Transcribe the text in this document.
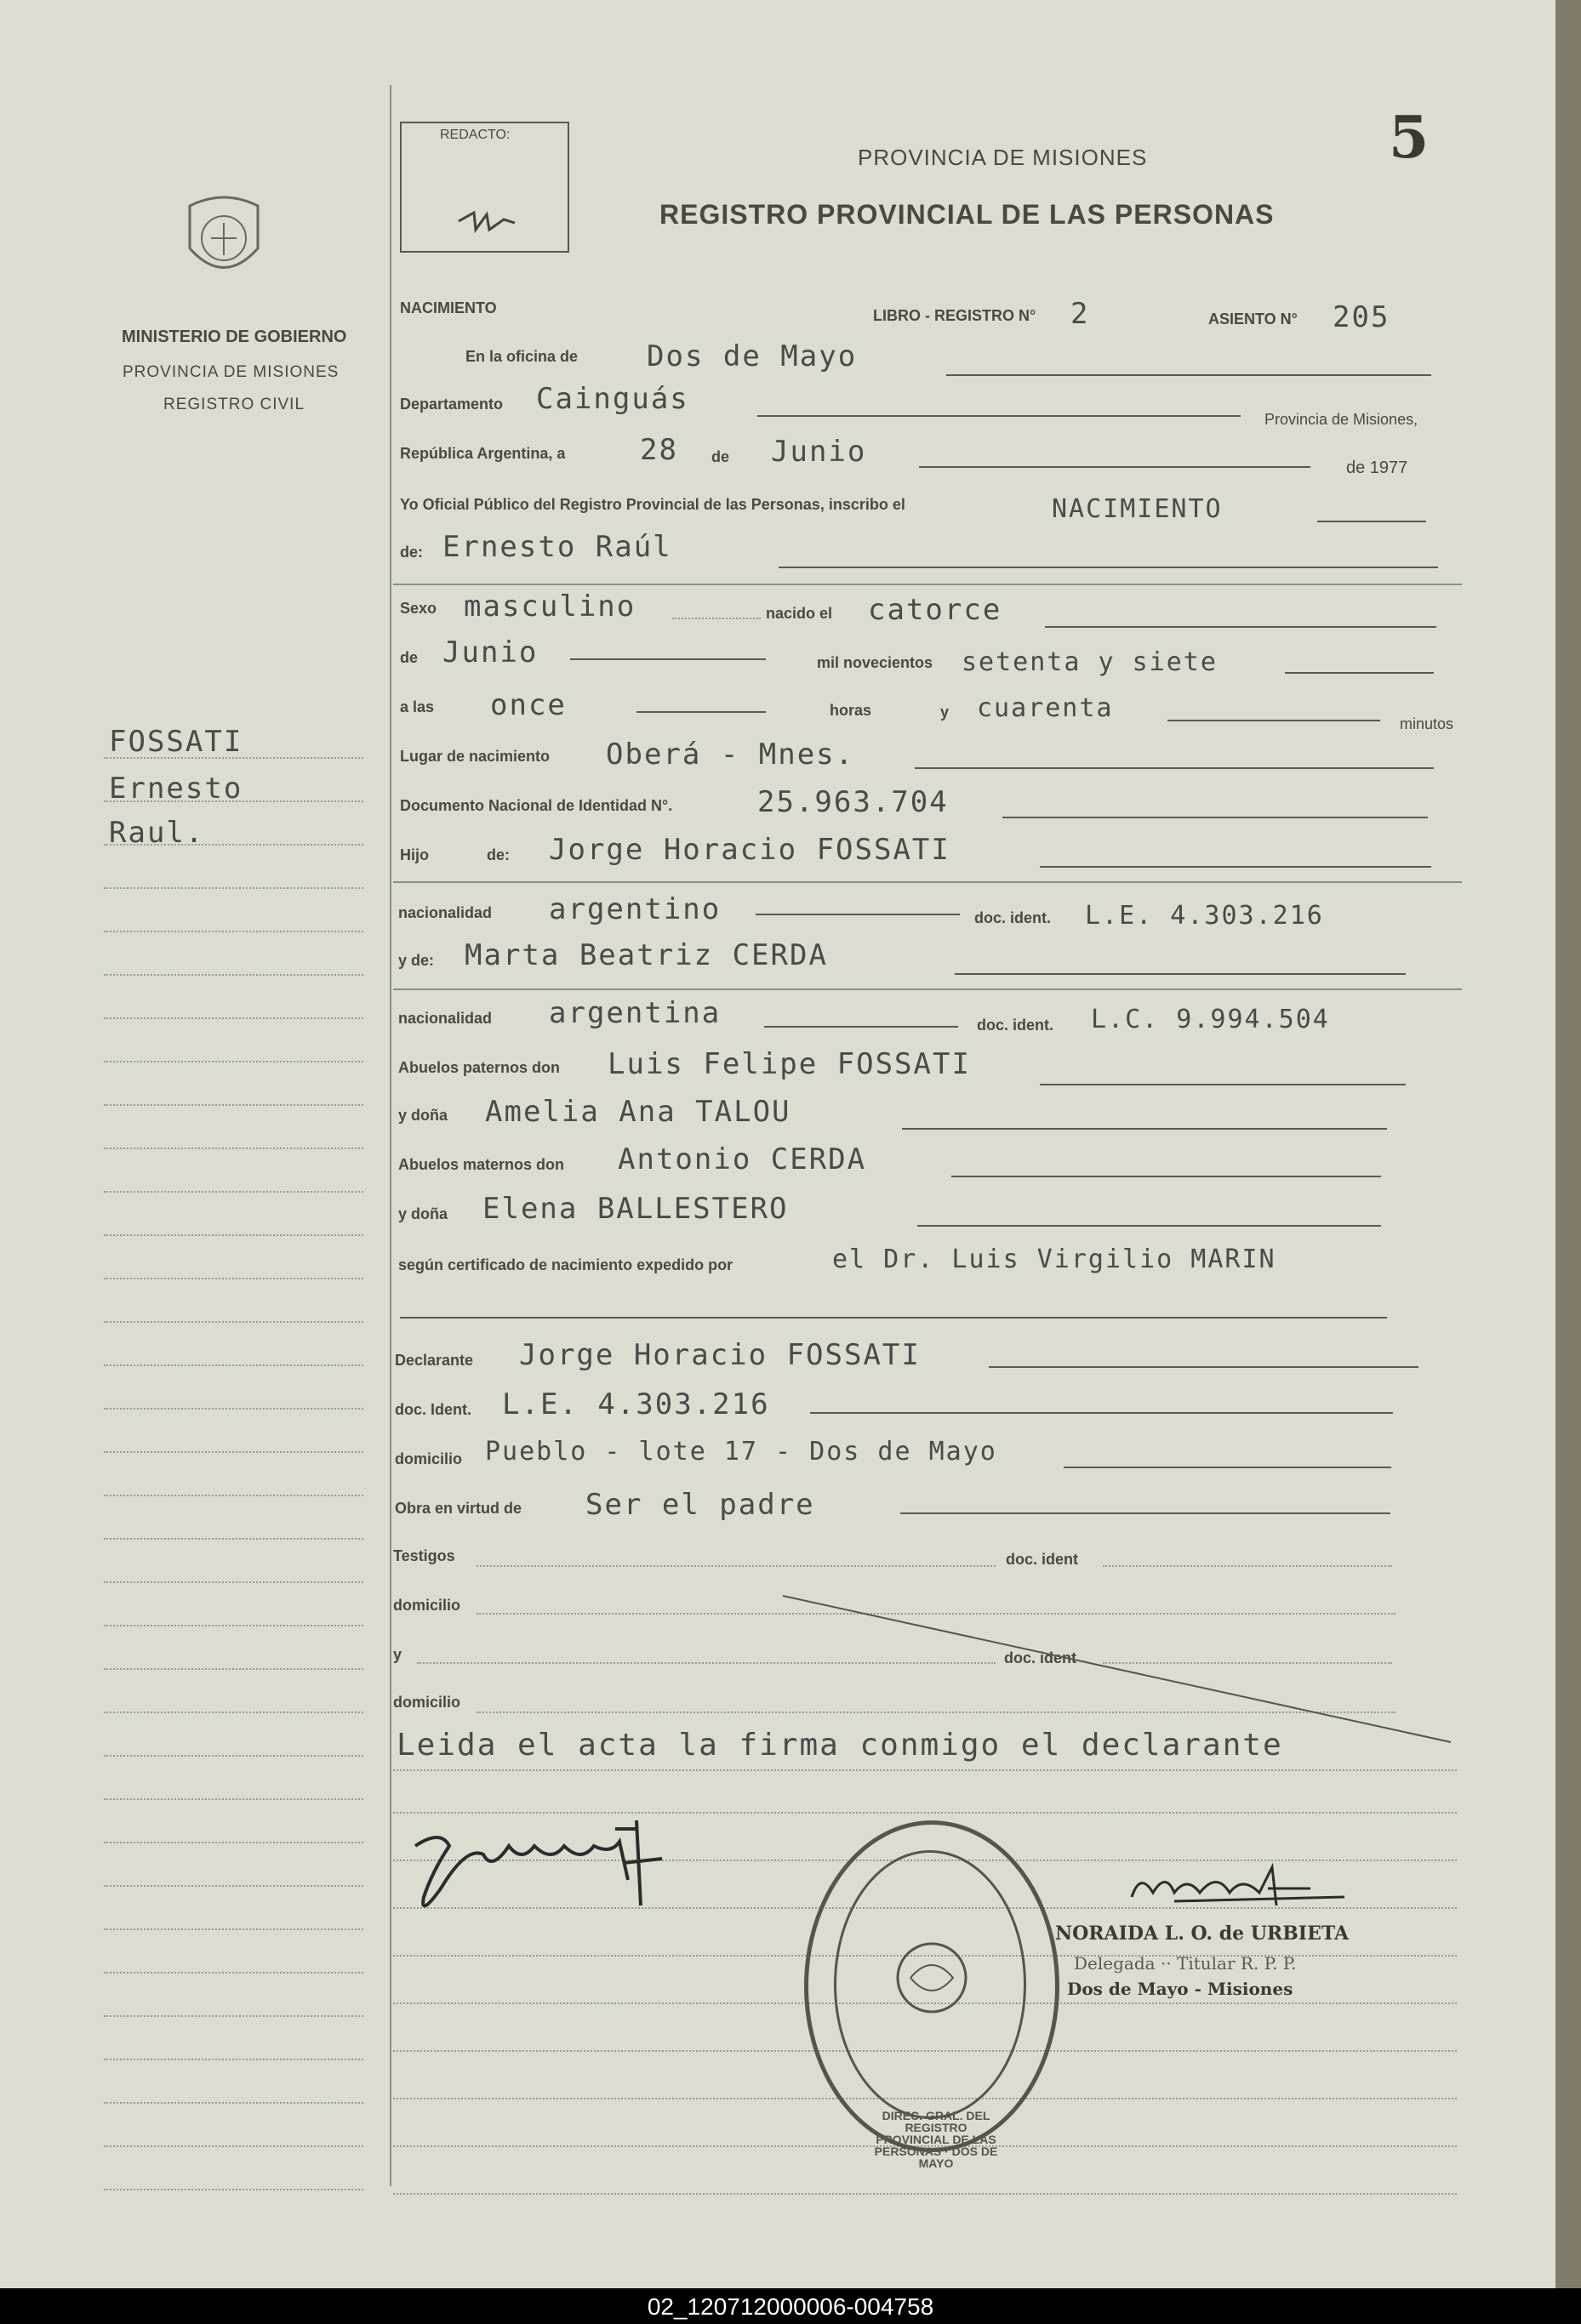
MINISTERIO DE GOBIERNO
PROVINCIA DE MISIONES
REGISTRO CIVIL
FOSSATI
Ernesto
Raul.
REDACTO:	5
PROVINCIA DE MISIONES
REGISTRO PROVINCIAL DE LAS PERSONAS
NACIMIENTO	LIBRO - REGISTRO N° 2	ASIENTO N° 205
En la oficina de Dos de Mayo
Departamento Cainguás
Provincia de Misiones,
República Argentina, a	28 de Junio	de 1977
Yo Oficial Público del Registro Provincial de las Personas, inscribo el	NACIMIENTO
de: Ernesto Raúl
Sexo masculino	nacido el catorce
de Junio	mil novecientos setenta y siete
a las once	horas	y cuarenta
minutos
Lugar de nacimiento Oberá - Mnes.
Documento Nacional de Identidad N°.	25.963.704
Hijo	de: Jorge Horacio FOSSATI
nacionalidad argentino	doc. ident. L.E. 4.303.216
y de: Marta Beatriz CERDA
nacionalidad argentina	doc. ident. L.C. 9.994.504
Abuelos paternos don Luis Felipe FOSSATI
y doña Amelia Ana TALOU
Abuelos maternos don Antonio CERDA
y doña Elena BALLESTERO
según certificado de nacimiento expedido por	el Dr. Luis Virgilio MARIN
Declarante Jorge Horacio FOSSATI
doc. Ident. L.E. 4.303.216
domicilio Pueblo - lote 17 - Dos de Mayo
Obra en virtud de Ser el padre
Testigos	doc. ident
domicilio
y	doc. ident
domicilio
Leida el acta la firma conmigo el declarante
DIREC. GRAL. DEL REGISTRO PROVINCIAL DE LAS PERSONAS · DOS DE MAYO
NORAIDA L. O. de URBIETA
Delegada ·· Titular R. P. P.
Dos de Mayo - Misiones
02_120712000006-004758
